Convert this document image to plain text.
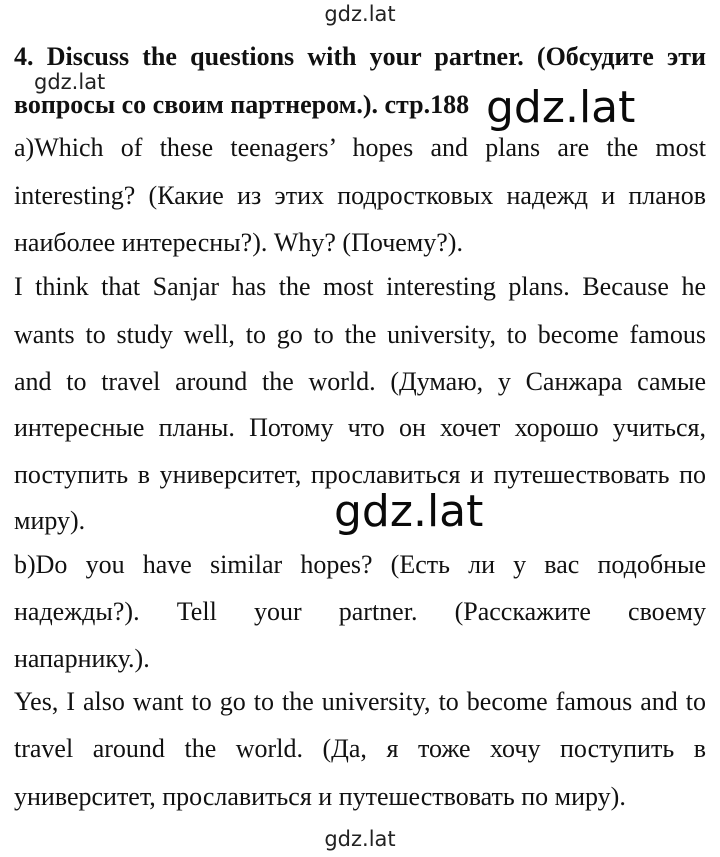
gdz.lat
4. Discuss the questions with your partner. (Обсудите эти
gdz.lat
вопросы со своим партнером.). стр.188 gdz.lat
a)Which of these teenagers’ hopes and plans are the most
interesting? (Какие из этих подростковых надежд и планов
наиболее интересны?). Why? (Почему?).
I think that Sanjar has the most interesting plans. Because he
wants to study well, to go to the university, to become famous
and to travel around the world. (Думаю, у Санжара самые
интересные планы. Потому что он хочет хорошо учиться,
поступить в университет, прославиться и путешествовать по
миру).	gdz.lat
b)Do you have similar hopes? (Есть ли у вас подобные
надежды?). Tell your partner. (Расскажите своему
напарнику.).
Yes, I also want to go to the university, to become famous and to
travel around the world. (Да, я тоже хочу поступить в
университет, прославиться и путешествовать по миру).
gdz.lat
